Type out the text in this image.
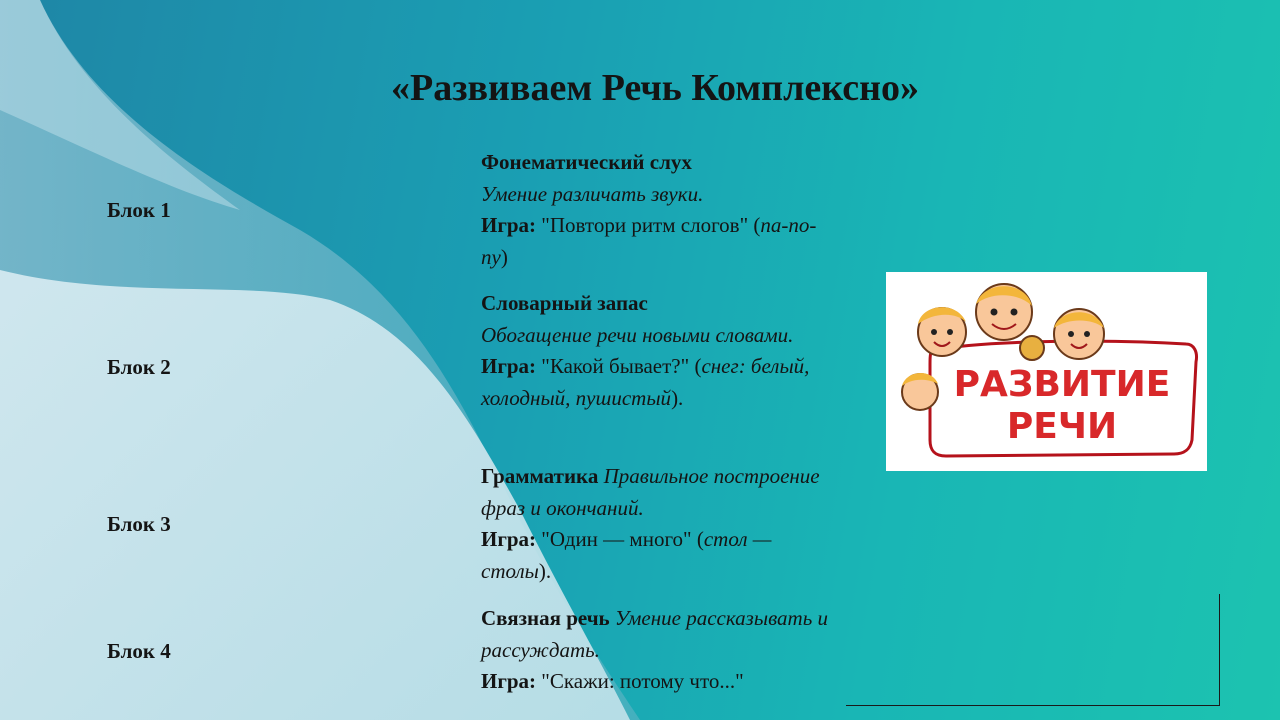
«Развиваем Речь Комплексно»
Блок 1
Фонематический слух
Умение различать звуки.
Игра: "Повтори ритм слогов" (па-по-пу)
Блок 2
Словарный запас
Обогащение речи новыми словами. Игра: "Какой бывает?" (снег: белый, холодный, пушистый).
Блок 3
Грамматика Правильное построение фраз и окончаний.
Игра: "Один — много" (стол — столы).
Блок 4
Связная речь Умение рассказывать и рассуждать.
Игра: "Скажи: потому что..."
РАЗВИТИЕ
РЕЧИ
